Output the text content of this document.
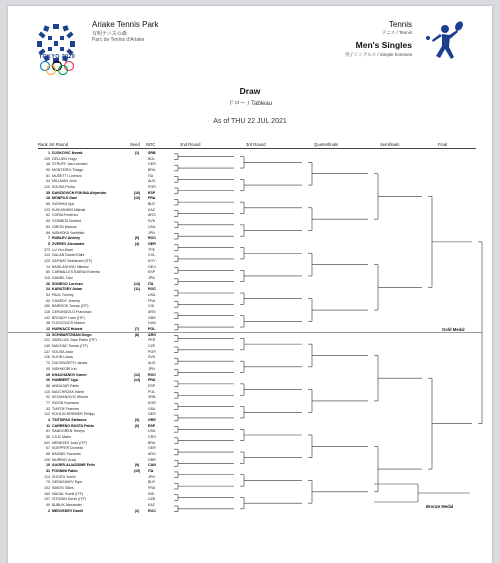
TOKYO 2020
Ariake Tennis Park
有明テニスの森
Parc de Tennis d'Ariake
Tennis
テニス / Tennis
Men's Singles
男子シングルス / Simple hommes
Draw
ドロー / Tableau
As of THU 22 JUL 2021
Rank 1st Round	Seed NOC	2nd Round	3rd Round	Quarterfinals	Semifinals	Final
1 DJOKOVIC Novak	(1)	SRB
139 DELLIEN Hugo	BOL
48 STRUFF Jan-Lennard	GER
95 MONTEIRO Thiago	BRA
61 MUSETTI Lorenzo	ITA
44 MILLMAN John	AUS
120 SOUSA Pedro	POR
35 DAVIDOVICH FOKINA Alejandro	(16)	ESP
18 MONFILS Gael	(10)	FRA
65 IVASHKA Ilya	BLR
123 KUKUSHKIN Mikhail	KAZ
62 CORIA Federico	ARG
89 GOMBOS Norbert	SVK
64 GIRON Marcos	USA
69 NISHIOKA Yoshihito	JPN
7 RUBLEV Andrey	(5)	ROC
5 ZVEREV Alexander	(4)	GER
373 LU Yen-Hsun	TPE
113 GALAN Daniel Elahi	COL
125 SAFWAT Mohamed (ITF)	EGY
14 BASILASHVILI Nikoloz	GEO
80 CARBALLES BAENA Roberto	ESP
110 DANIEL Taro	JPN
26 SONEGO Lorenzo	(13)	ITA
24 KARATSEV Aslan	(11)	ROC
54 PAUL Tommy	USA
60 CHARDY Jeremy	FRA
190 BARRIOS Tomas (ITF)	CHI
116 CERUNDOLO Francisco	ARG
142 BROADY Liam (ITF)	GBR
38 FUCSOVICS Marton	HUN
12 HURKACZ Hubert	(7)	POL
13 SCHWARTZMAN Diego	(8)	ARG
122 VARILLAS Juan Pablo (ITF)	PER
145 MACHAC Tomas (ITF)	CZE
137 SOUSA Joao	POR
126 KLEIN Lukas	SVK
72 DUCKWORTH James	AUS
55 NISHIKORI Kei	JPN
25 KHACHANOV Karen	(12)	ROC
26 HUMBERT Ugo	(14)	FRA
86 ANDUJAR Pablo	ESP
115 MAJCHRZAK Kamil	POL
92 KECMANOVIC Miomir	SRB
77 KWON Soonwoo	KOR
53 TIAFOE Frances	USA
112 KOHLSCHREIBER Philipp	GER
4 TSITSIPAS Stefanos	(3)	GRE
11 CARRENO BUSTA Pablo	(6)	ESP
81 SANDGREN Tennys	USA
36 CILIC Marin	CRO
541 MENEZES Joao (ITF)	BRA
67 KOEPFER Dominik	GER
68 BAGNIS Facundo	ARG
106 MURRAY Andy	GBR
19 AUGER-ALIASSIME Felix	(9)	CAN
31 FOGNINI Fabio	(15)	ITA
114 SUGITA Yuichi	JPN
79 GERASIMOV Egor	BLR
102 SIMON Gilles	FRA
160 NAGAL Sumit (ITF)	IND
197 ISTOMIN Denis (ITF)	UZB
40 BUBLIK Alexander	KAZ
2 MEDVEDEV Daniil	(2)	ROC
Gold Medal
Bronze Medal
